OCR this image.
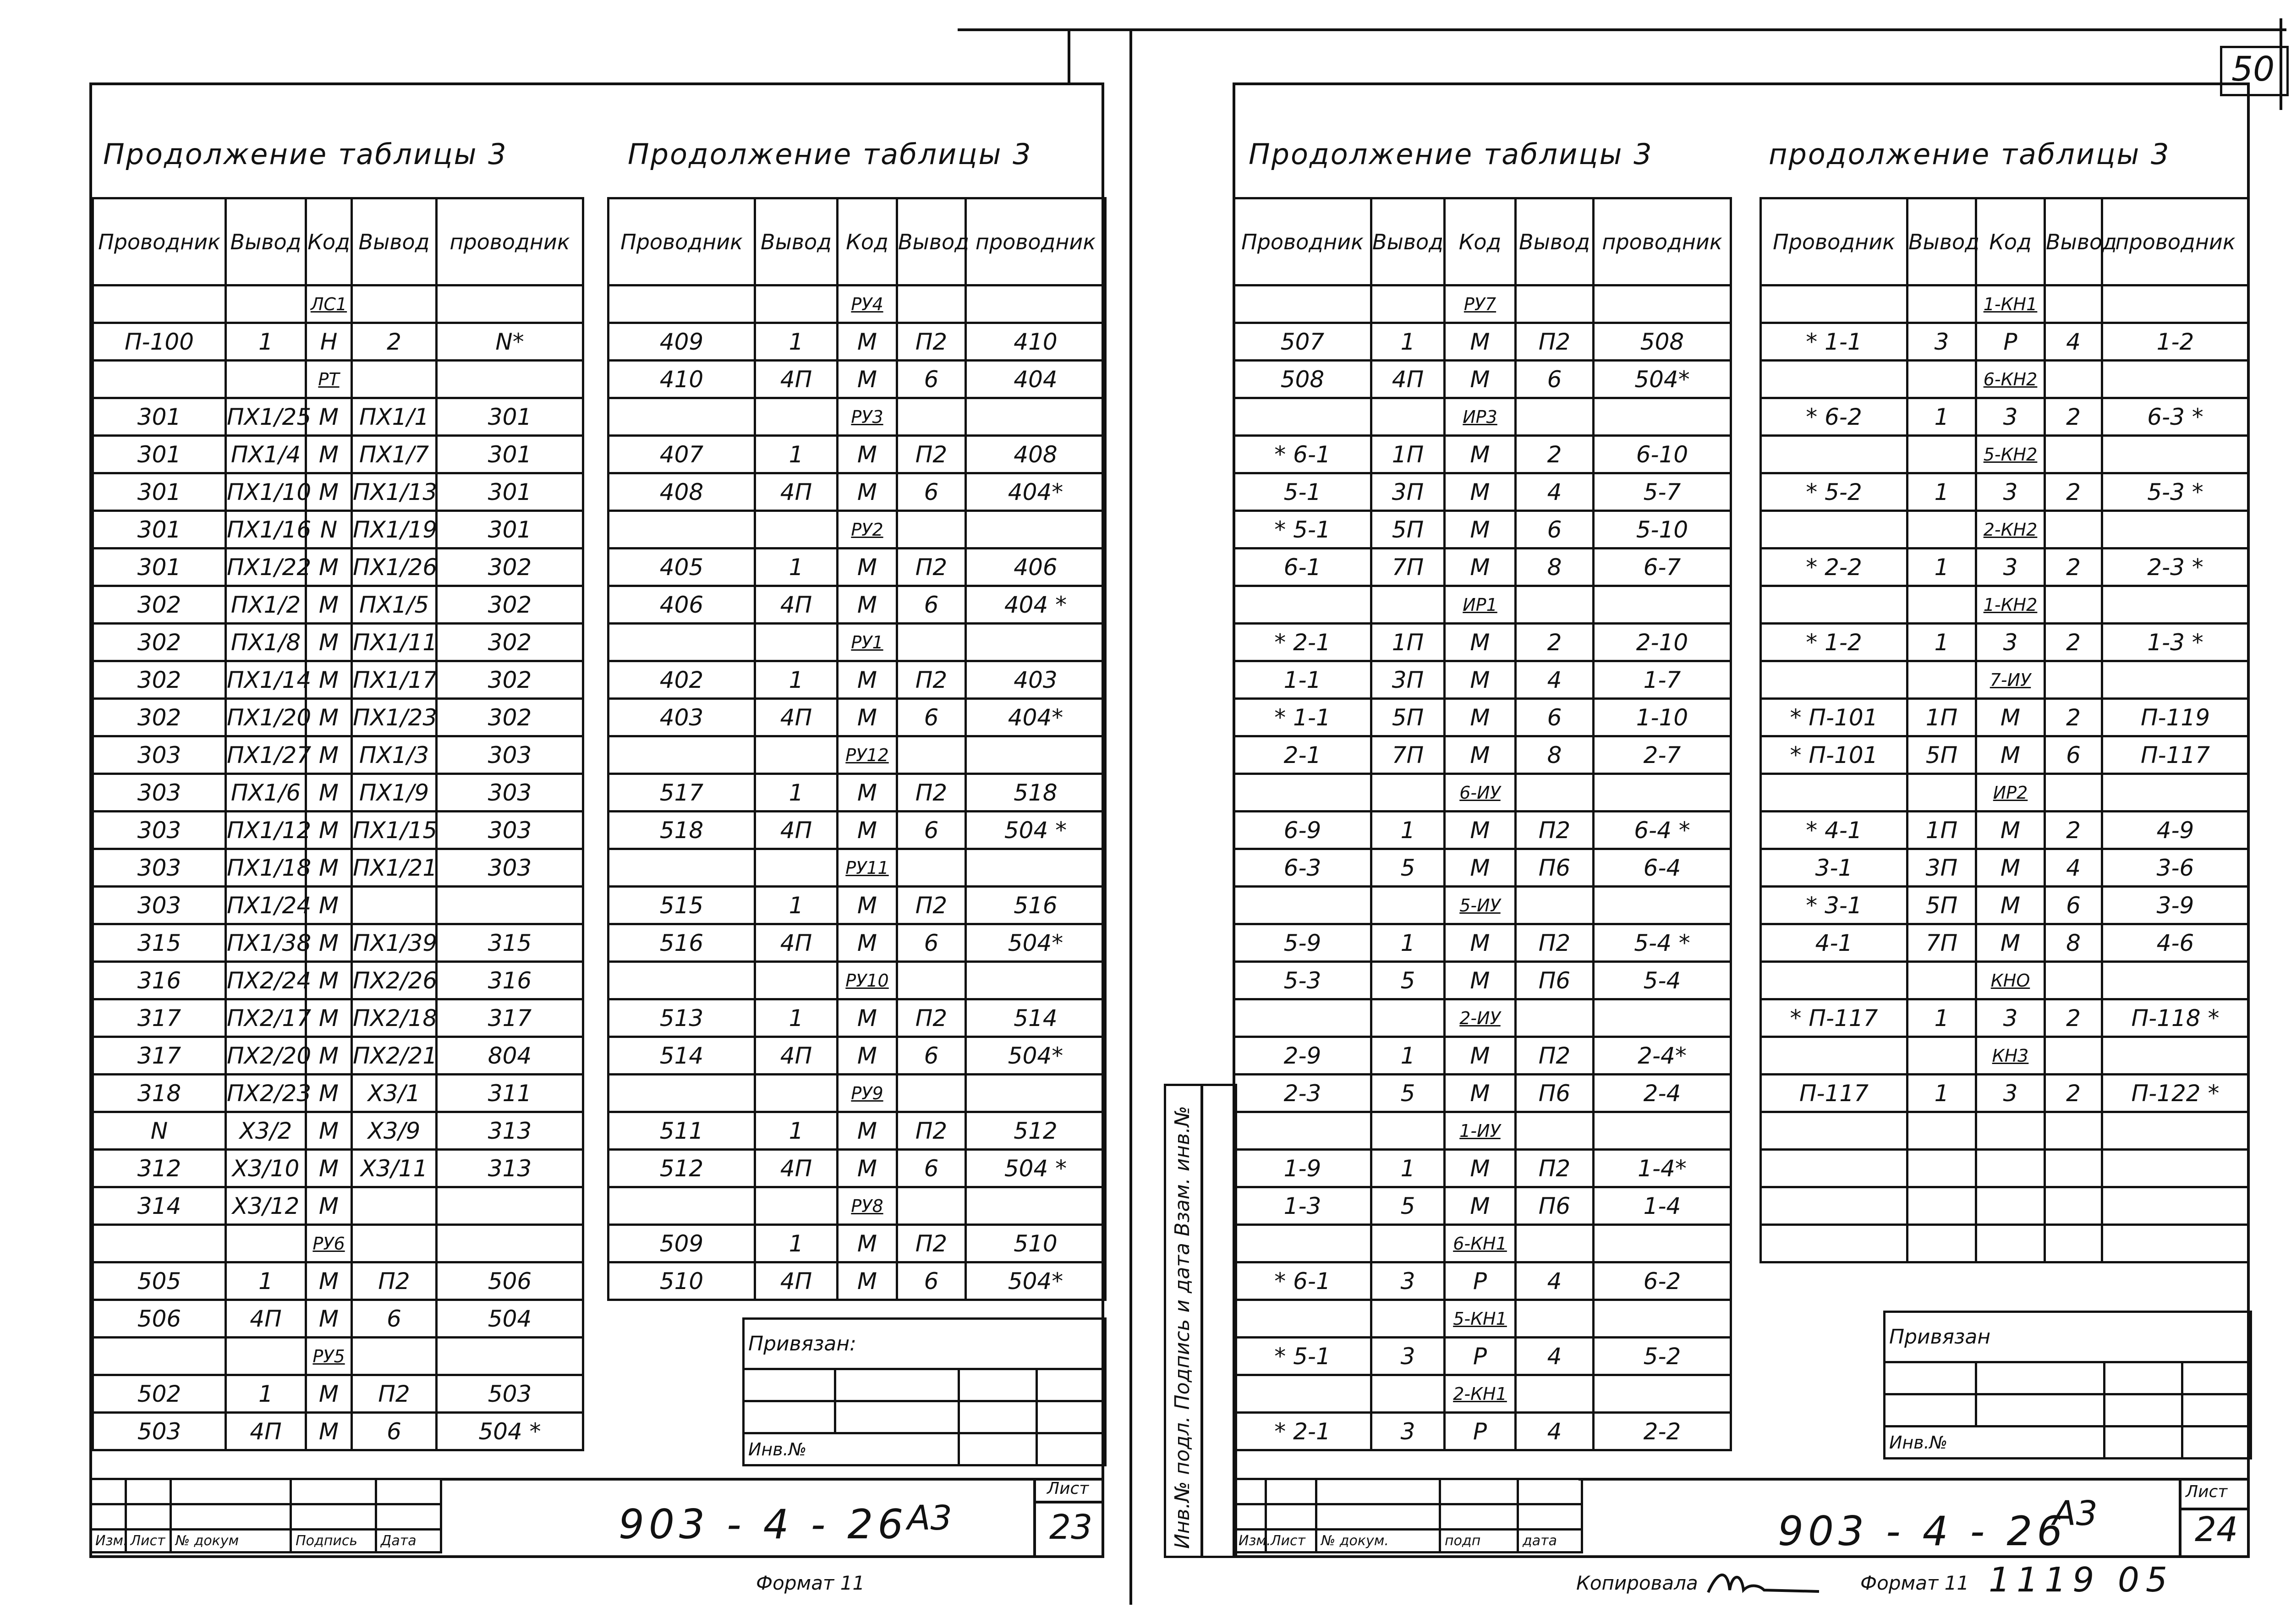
50
Продолжение таблицы 3	Продолжение таблицы 3
Проводник	Вывод	Код	Вывод	проводник
		ЛС1		
П-100	1	Н	2	N*
		РТ		
301	ПХ1/25	М	ПХ1/1	301
301	ПХ1/4	М	ПХ1/7	301
301	ПХ1/10	М	ПХ1/13	301
301	ПХ1/16	N	ПХ1/19	301
301	ПХ1/22	М	ПХ1/26	302
302	ПХ1/2	М	ПХ1/5	302
302	ПХ1/8	М	ПХ1/11	302
302	ПХ1/14	М	ПХ1/17	302
302	ПХ1/20	М	ПХ1/23	302
303	ПХ1/27	М	ПХ1/3	303
303	ПХ1/6	М	ПХ1/9	303
303	ПХ1/12	М	ПХ1/15	303
303	ПХ1/18	М	ПХ1/21	303
303	ПХ1/24	М		
315	ПХ1/38	М	ПХ1/39	315
316	ПХ2/24	М	ПХ2/26	316
317	ПХ2/17	М	ПХ2/18	317
317	ПХ2/20	М	ПХ2/21	804
318	ПХ2/23	М	Х3/1	311
N	Х3/2	М	Х3/9	313
312	Х3/10	М	Х3/11	313
314	Х3/12	М		
		РУ6		
505	1	М	П2	506
506	4П	М	6	504
		РУ5		
502	1	М	П2	503
503	4П	М	6	504 *
Проводник	Вывод	Код	Вывод	проводник
		РУ4		
409	1	М	П2	410
410	4П	М	6	404
		РУ3		
407	1	М	П2	408
408	4П	М	6	404*
		РУ2		
405	1	М	П2	406
406	4П	М	6	404 *
		РУ1		
402	1	М	П2	403
403	4П	М	6	404*
		РУ12		
517	1	М	П2	518
518	4П	М	6	504 *
		РУ11		
515	1	М	П2	516
516	4П	М	6	504*
		РУ10		
513	1	М	П2	514
514	4П	М	6	504*
		РУ9		
511	1	М	П2	512
512	4П	М	6	504 *
		РУ8		
509	1	М	П2	510
510	4П	М	6	504*
Привязан:			

Инв.№			

Изм.	Лист	№ докум	Подпись	Дата
Лист
23
903 - 4 - 26
А3
Формат 11
Продолжение таблицы 3	продолжение таблицы 3
Проводник	Вывод	Код	Вывод	проводник
		РУ7		
507	1	М	П2	508
508	4П	М	6	504*
		ИР3		
* 6-1	1П	М	2	6-10
5-1	3П	М	4	5-7
* 5-1	5П	М	6	5-10
6-1	7П	М	8	6-7
		ИР1		
* 2-1	1П	М	2	2-10
1-1	3П	М	4	1-7
* 1-1	5П	М	6	1-10
2-1	7П	М	8	2-7
		6-ИУ		
6-9	1	М	П2	6-4 *
6-3	5	М	П6	6-4
		5-ИУ		
5-9	1	М	П2	5-4 *
5-3	5	М	П6	5-4
		2-ИУ		
2-9	1	М	П2	2-4*
2-3	5	М	П6	2-4
		1-ИУ		
1-9	1	М	П2	1-4*
1-3	5	М	П6	1-4
		6-КН1		
* 6-1	3	Р	4	6-2
		5-КН1		
* 5-1	3	Р	4	5-2
		2-КН1		
* 2-1	3	Р	4	2-2
Проводник	Вывод	Код	Вывод	проводник
		1-КН1		
* 1-1	3	Р	4	1-2
		6-КН2		
* 6-2	1	3	2	6-3 *
		5-КН2		
* 5-2	1	3	2	5-3 *
		2-КН2		
* 2-2	1	3	2	2-3 *
		1-КН2		
* 1-2	1	3	2	1-3 *
		7-ИУ		
* П-101	1П	М	2	П-119
* П-101	5П	М	6	П-117
		ИР2		
* 4-1	1П	М	2	4-9
3-1	3П	М	4	3-6
* 3-1	5П	М	6	3-9
4-1	7П	М	8	4-6
		КНО		
* П-117	1	3	2	П-118 *
		КН3		
П-117	1	3	2	П-122 *

Привязан			

Инв.№			
Инв.№ подл. Подпись и дата Взам. инв.№

					Изм.	Лист	№ докум.	подп	дата
Лист
24
903 - 4 - 26
А3
Копировала	Формат 11 1119 05
